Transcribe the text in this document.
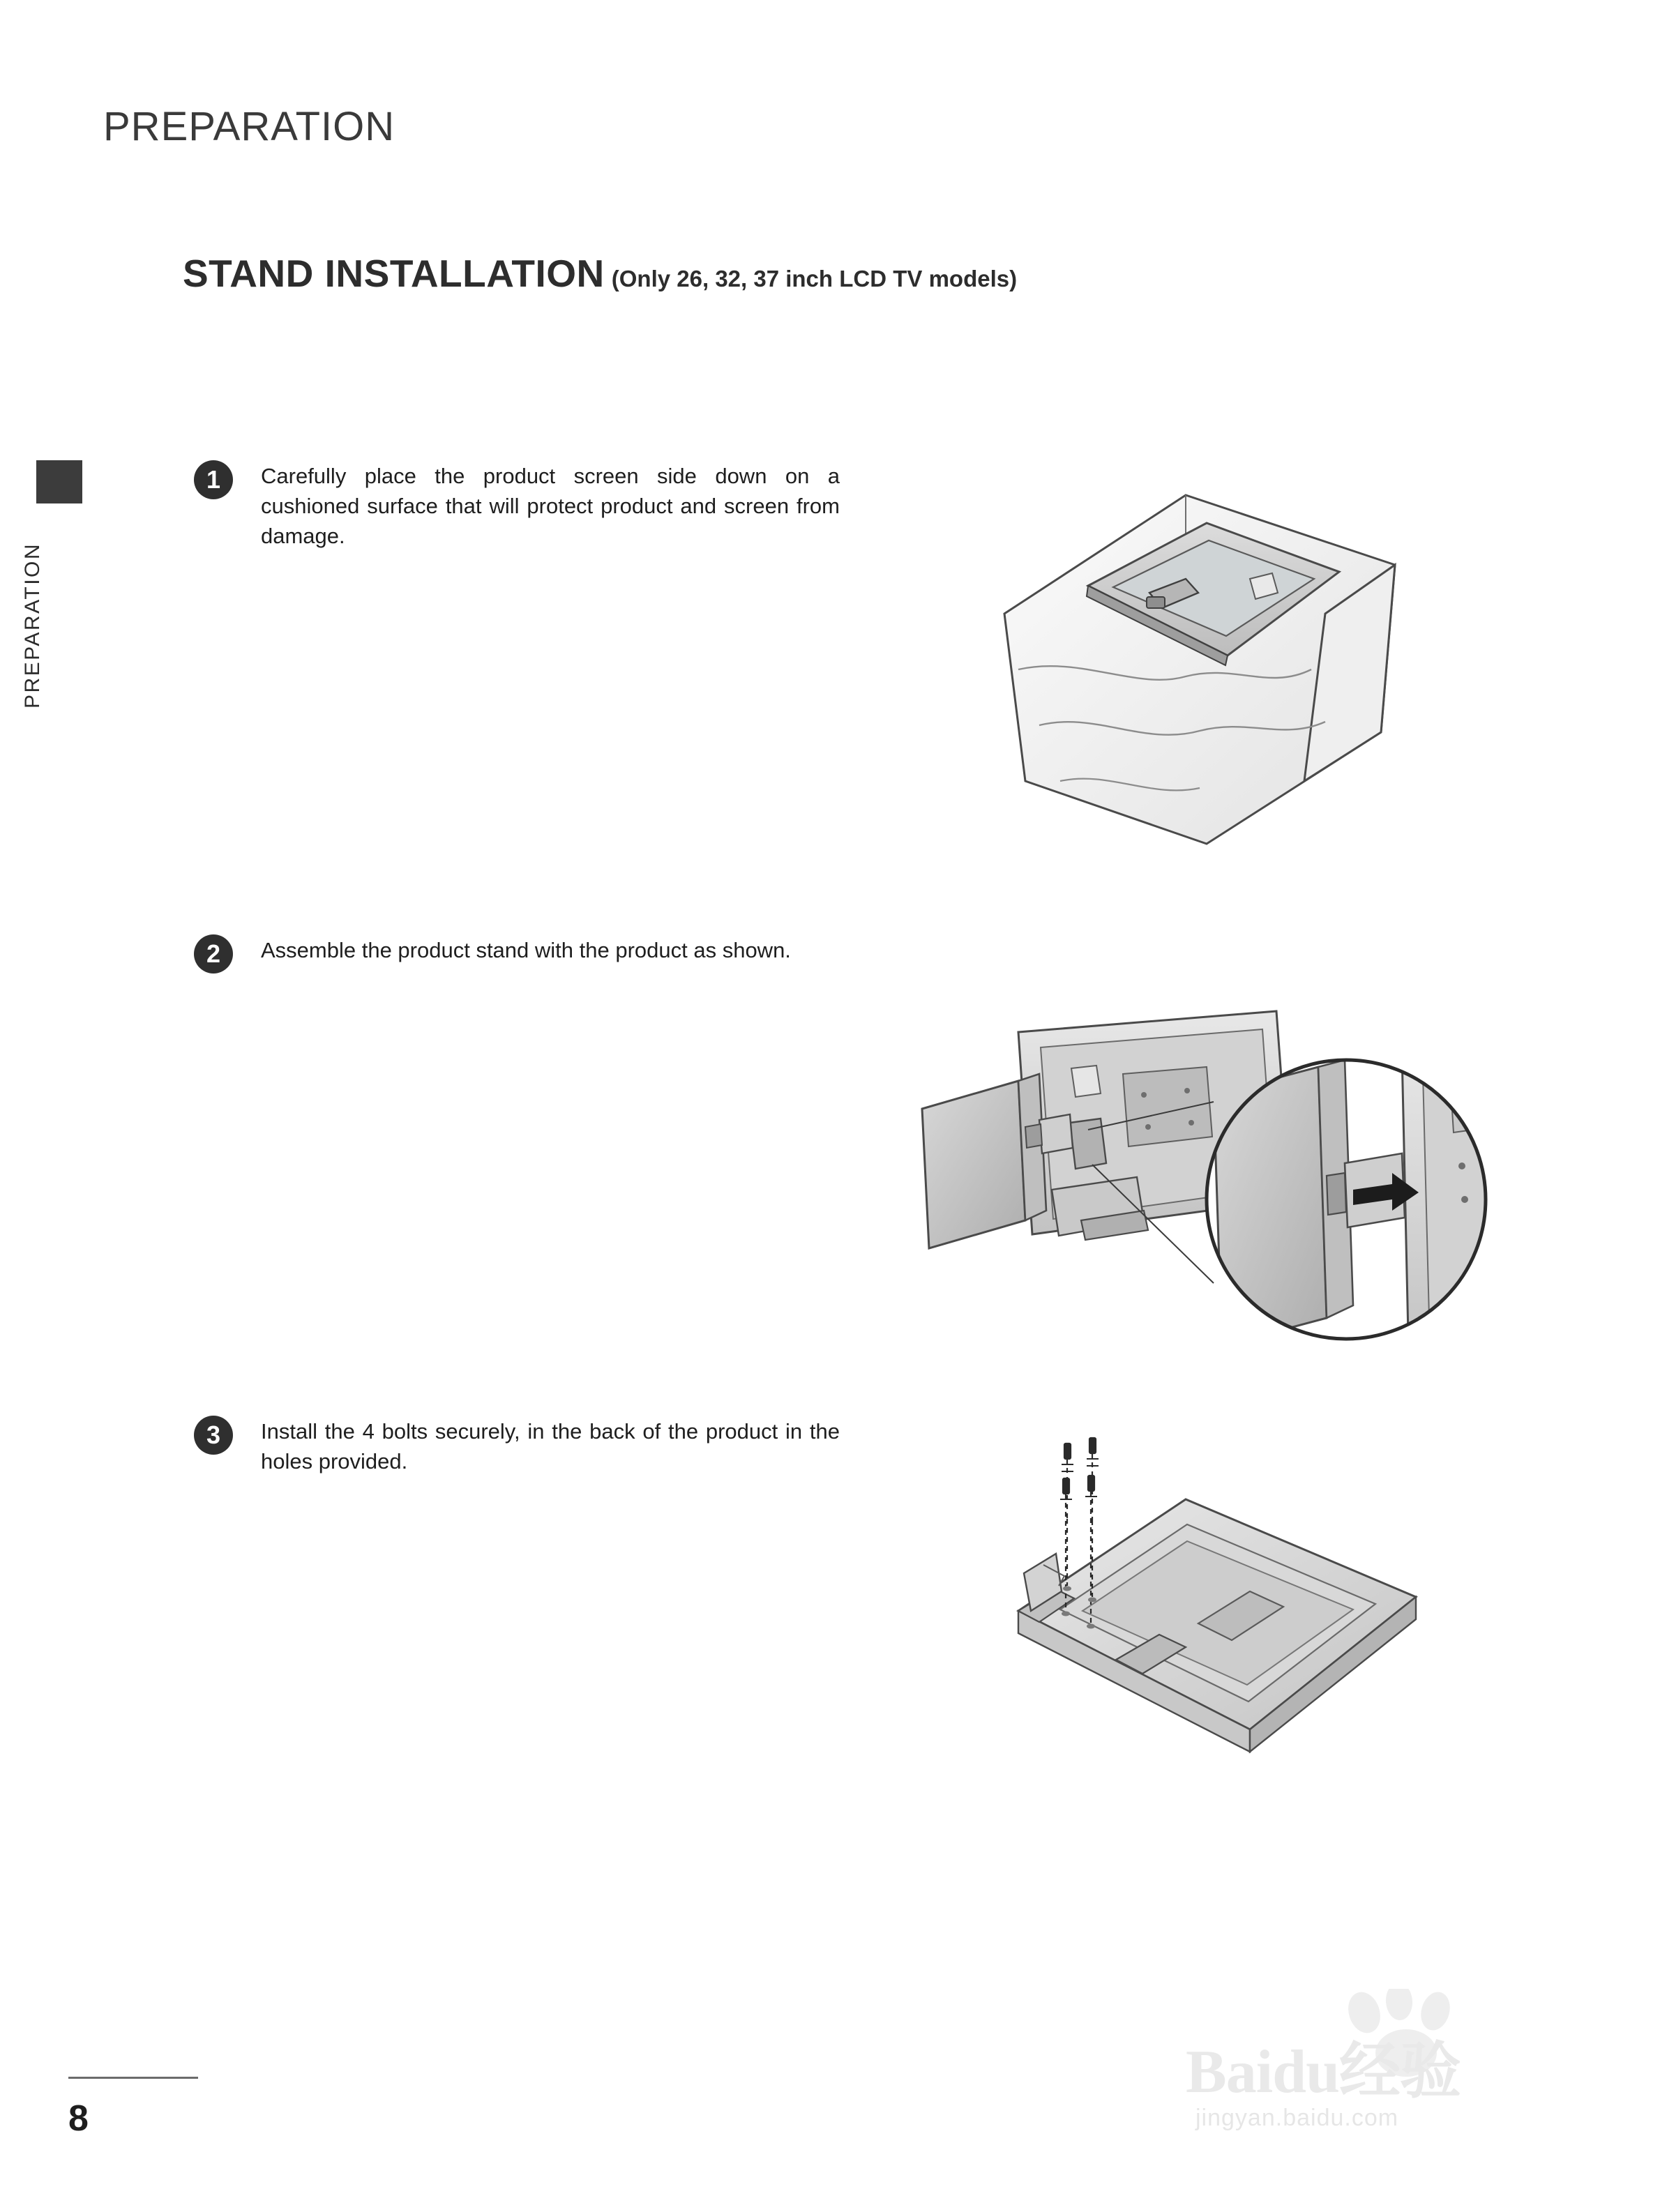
PREPARATION
STAND INSTALLATION (Only 26, 32, 37 inch LCD TV models)
PREPARATION
1	Carefully place the product screen side down on a cushioned surface that will protect product and screen from damage.
2	Assemble the product stand with the product as shown.
3	Install the 4 bolts securely, in the back of the product in the holes provided.
8
Baidu经验
jingyan.baidu.com
